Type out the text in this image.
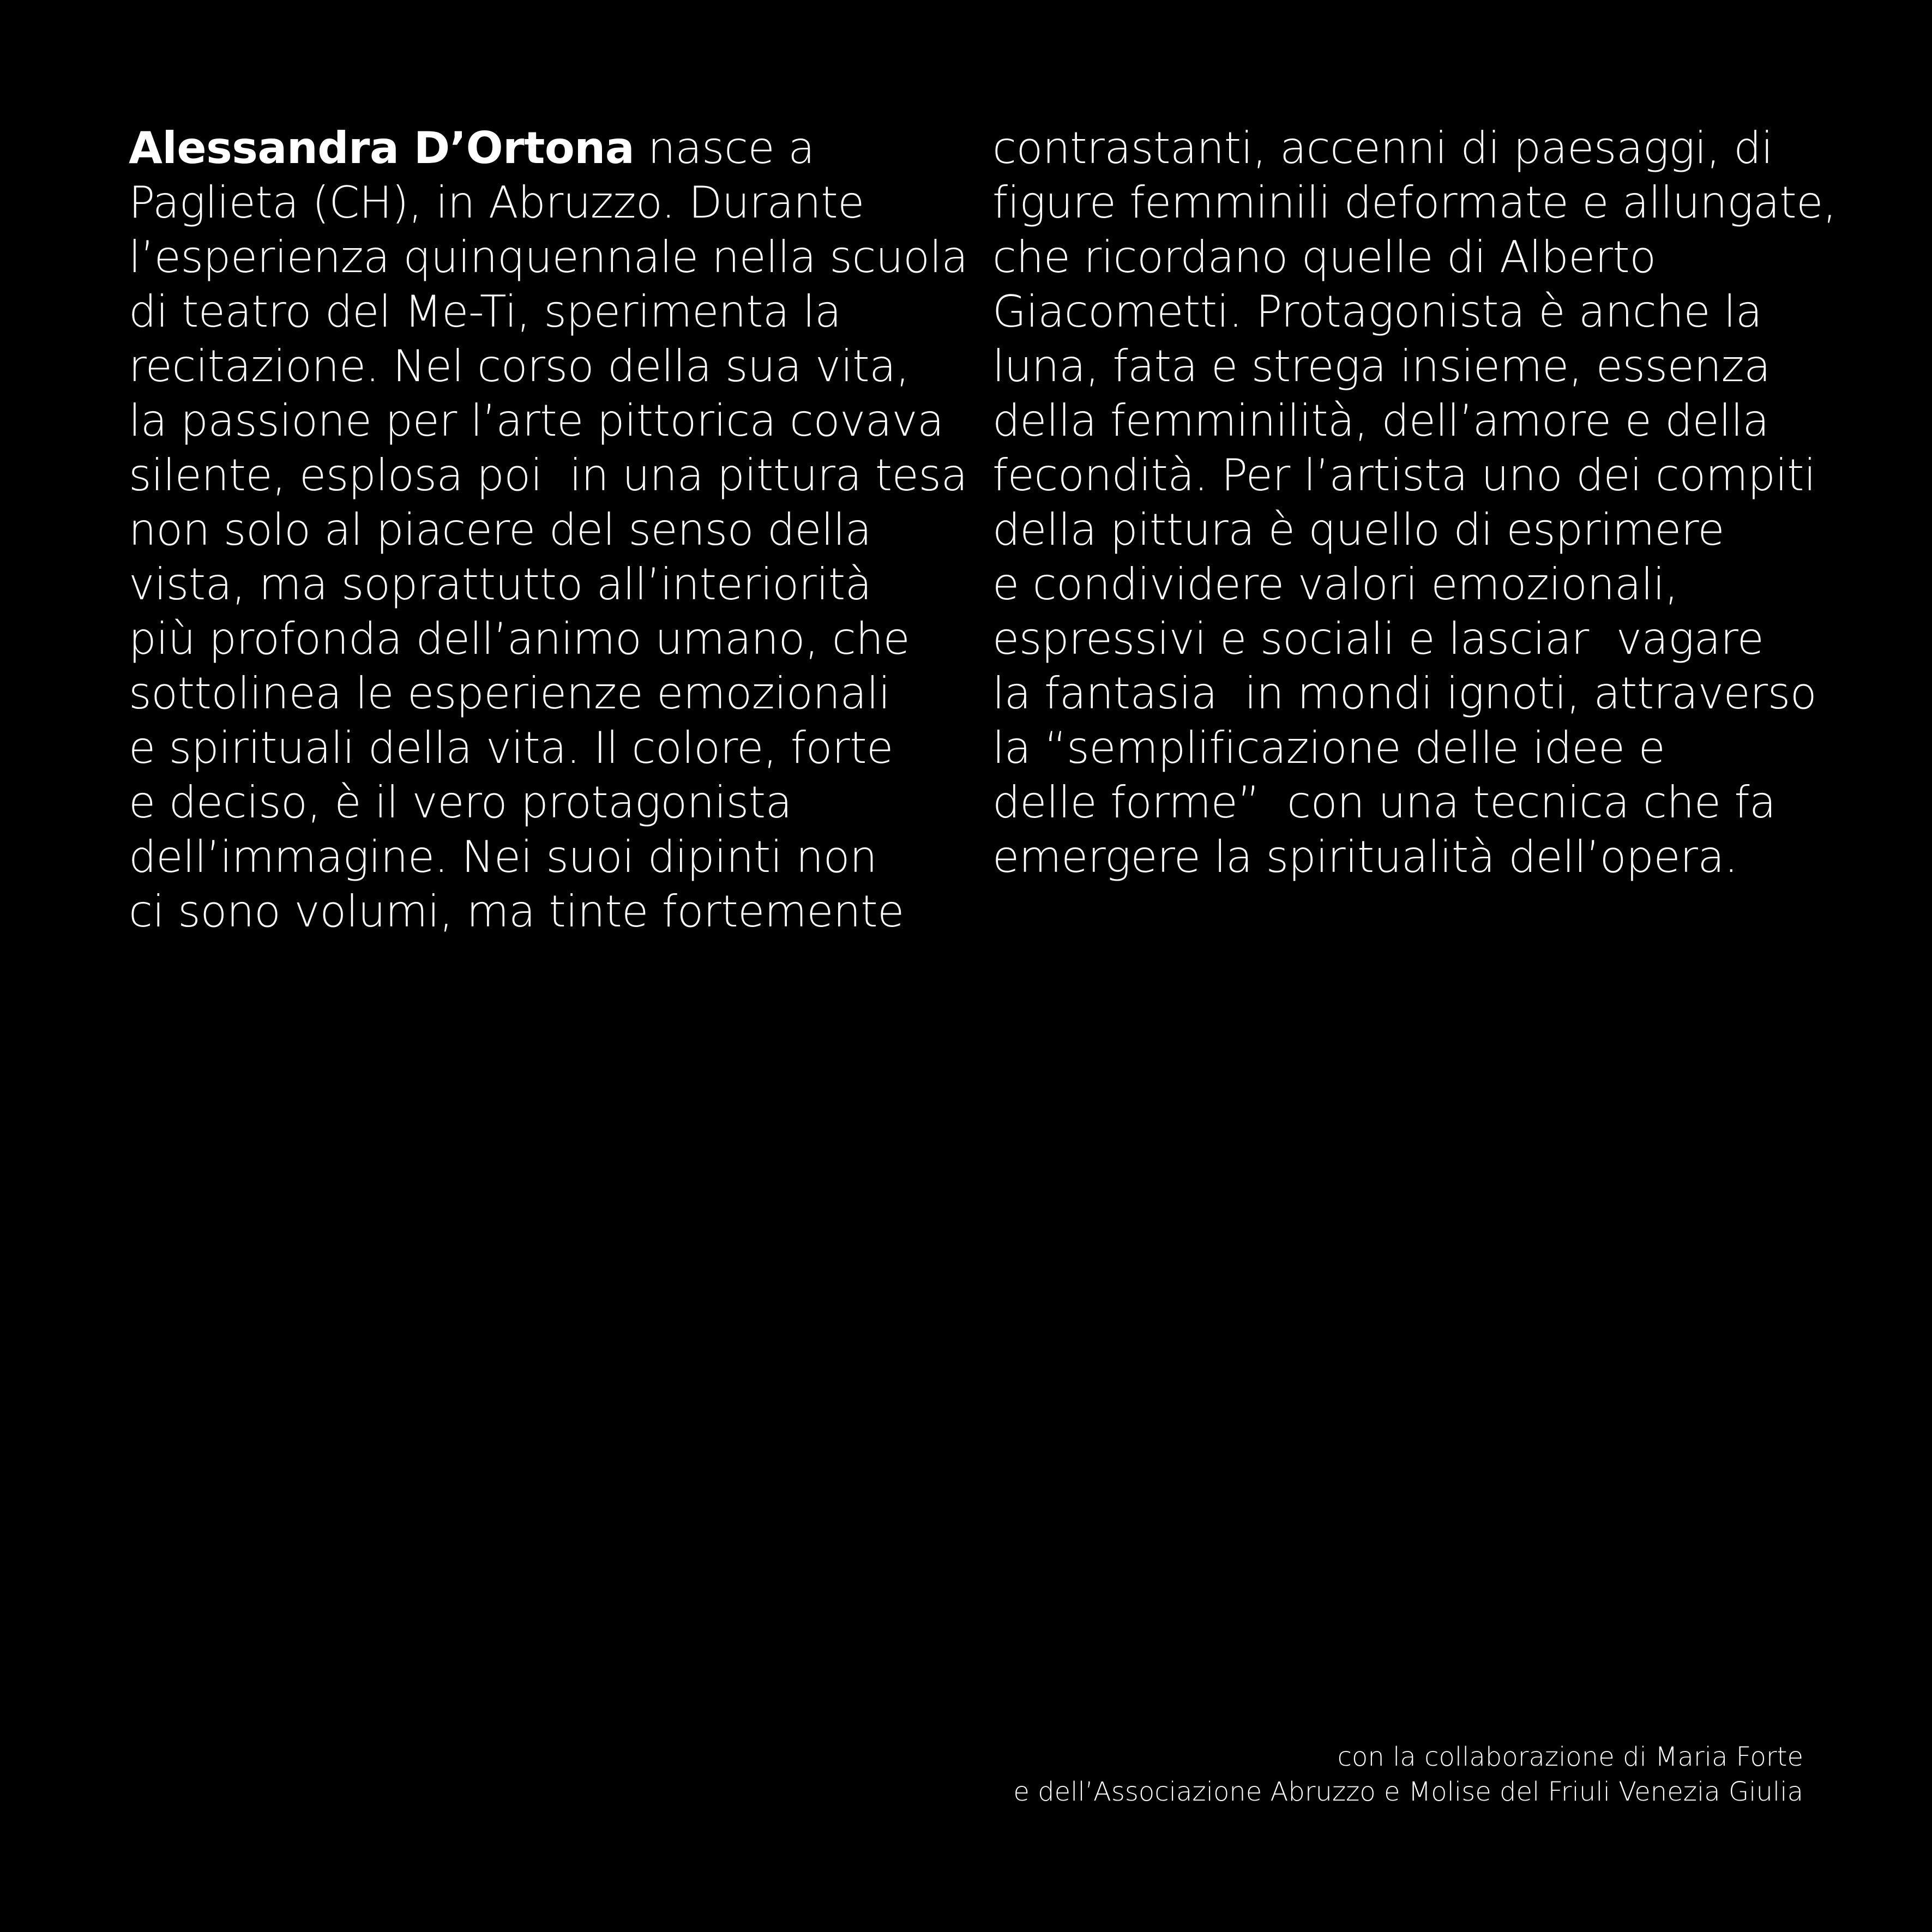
Alessandra D’Ortona nasce a
Paglieta (CH), in Abruzzo. Durante
l’esperienza quinquennale nella scuola
di teatro del Me-Ti, sperimenta la
recitazione. Nel corso della sua vita,
la passione per l’arte pittorica covava
silente, esplosa poi  in una pittura tesa
non solo al piacere del senso della
vista, ma soprattutto all’interiorità
più profonda dell’animo umano, che
sottolinea le esperienze emozionali
e spirituali della vita. Il colore, forte
e deciso, è il vero protagonista
dell’immagine. Nei suoi dipinti non
ci sono volumi, ma tinte fortemente
contrastanti, accenni di paesaggi, di
figure femminili deformate e allungate,
che ricordano quelle di Alberto
Giacometti. Protagonista è anche la
luna, fata e strega insieme, essenza
della femminilità, dell’amore e della
fecondità. Per l’artista uno dei compiti
della pittura è quello di esprimere
e condividere valori emozionali,
espressivi e sociali e lasciar  vagare
la fantasia  in mondi ignoti, attraverso
la “semplificazione delle idee e
delle forme”  con una tecnica che fa
emergere la spiritualità dell’opera.
con la collaborazione di Maria Forte
e dell’Associazione Abruzzo e Molise del Friuli Venezia Giulia
